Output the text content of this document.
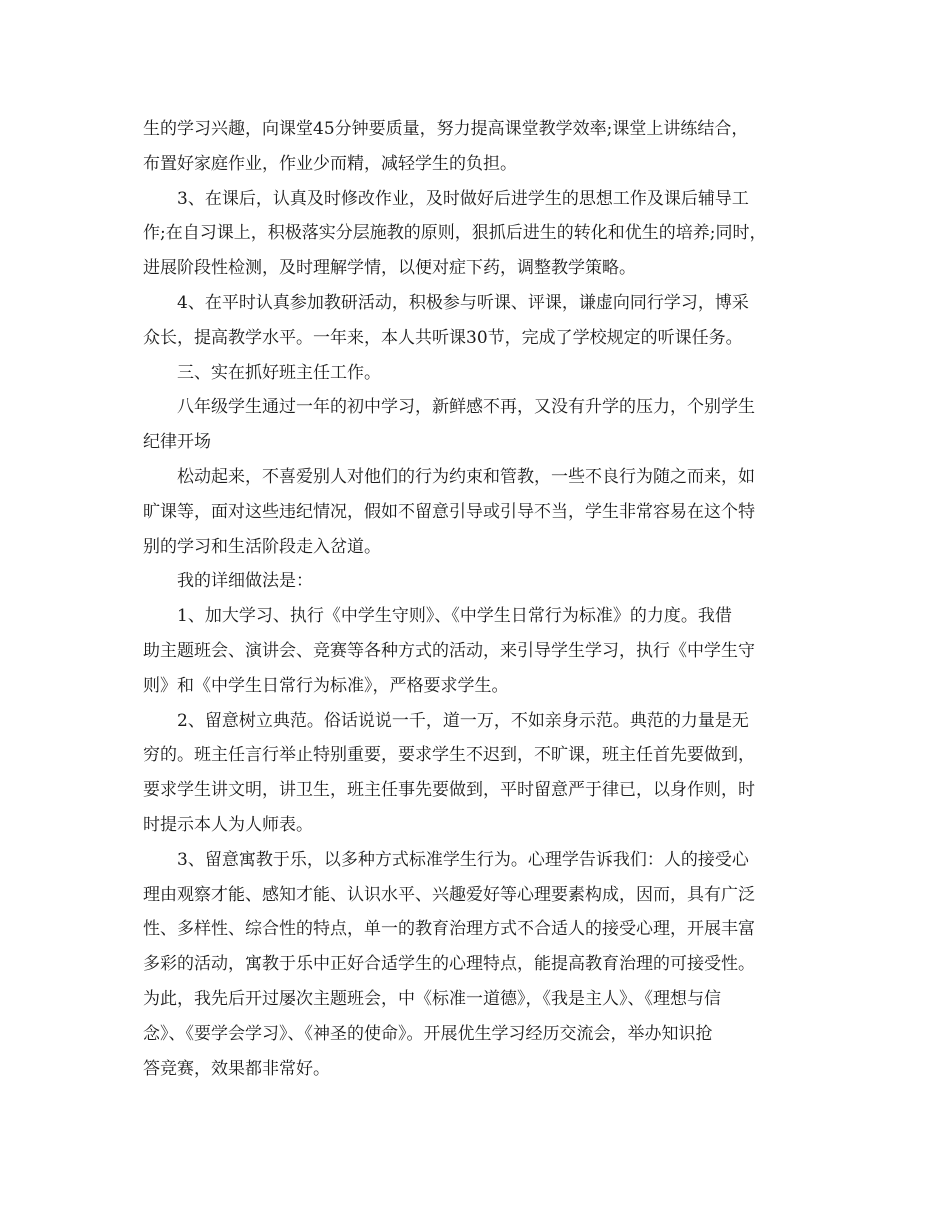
生的学习兴趣，向课堂45分钟要质量，努力提高课堂教学效率;课堂上讲练结合，
布置好家庭作业，作业少而精，减轻学生的负担。

3、在课后，认真及时修改作业，及时做好后进学生的思想工作及课后辅导工
作;在自习课上，积极落实分层施教的原则，狠抓后进生的转化和优生的培养;同时，
进展阶段性检测，及时理解学情，以便对症下药，调整教学策略。

4、在平时认真参加教研活动，积极参与听课、评课，谦虚向同行学习，博采
众长，提高教学水平。一年来，本人共听课30节，完成了学校规定的听课任务。

三、实在抓好班主任工作。

八年级学生通过一年的初中学习，新鲜感不再，又没有升学的压力，个别学生
纪律开场

松动起来，不喜爱别人对他们的行为约束和管教，一些不良行为随之而来，如
旷课等，面对这些违纪情况，假如不留意引导或引导不当，学生非常容易在这个特
别的学习和生活阶段走入岔道。

我的详细做法是：

1、加大学习、执行《中学生守则》、《中学生日常行为标准》的力度。我借
助主题班会、演讲会、竞赛等各种方式的活动，来引导学生学习，执行《中学生守
则》和《中学生日常行为标准》，严格要求学生。

2、留意树立典范。俗话说说一千，道一万，不如亲身示范。典范的力量是无
穷的。班主任言行举止特别重要，要求学生不迟到，不旷课，班主任首先要做到，
要求学生讲文明，讲卫生，班主任事先要做到，平时留意严于律已，以身作则，时
时提示本人为人师表。

3、留意寓教于乐，以多种方式标准学生行为。心理学告诉我们：人的接受心
理由观察才能、感知才能、认识水平、兴趣爱好等心理要素构成，因而，具有广泛
性、多样性、综合性的特点，单一的教育治理方式不合适人的接受心理，开展丰富
多彩的活动，寓教于乐中正好合适学生的心理特点，能提高教育治理的可接受性。
为此，我先后开过屡次主题班会，中《标准一道德》，《我是主人》、《理想与信
念》、《要学会学习》、《神圣的使命》。开展优生学习经历交流会，举办知识抢
答竞赛，效果都非常好。
